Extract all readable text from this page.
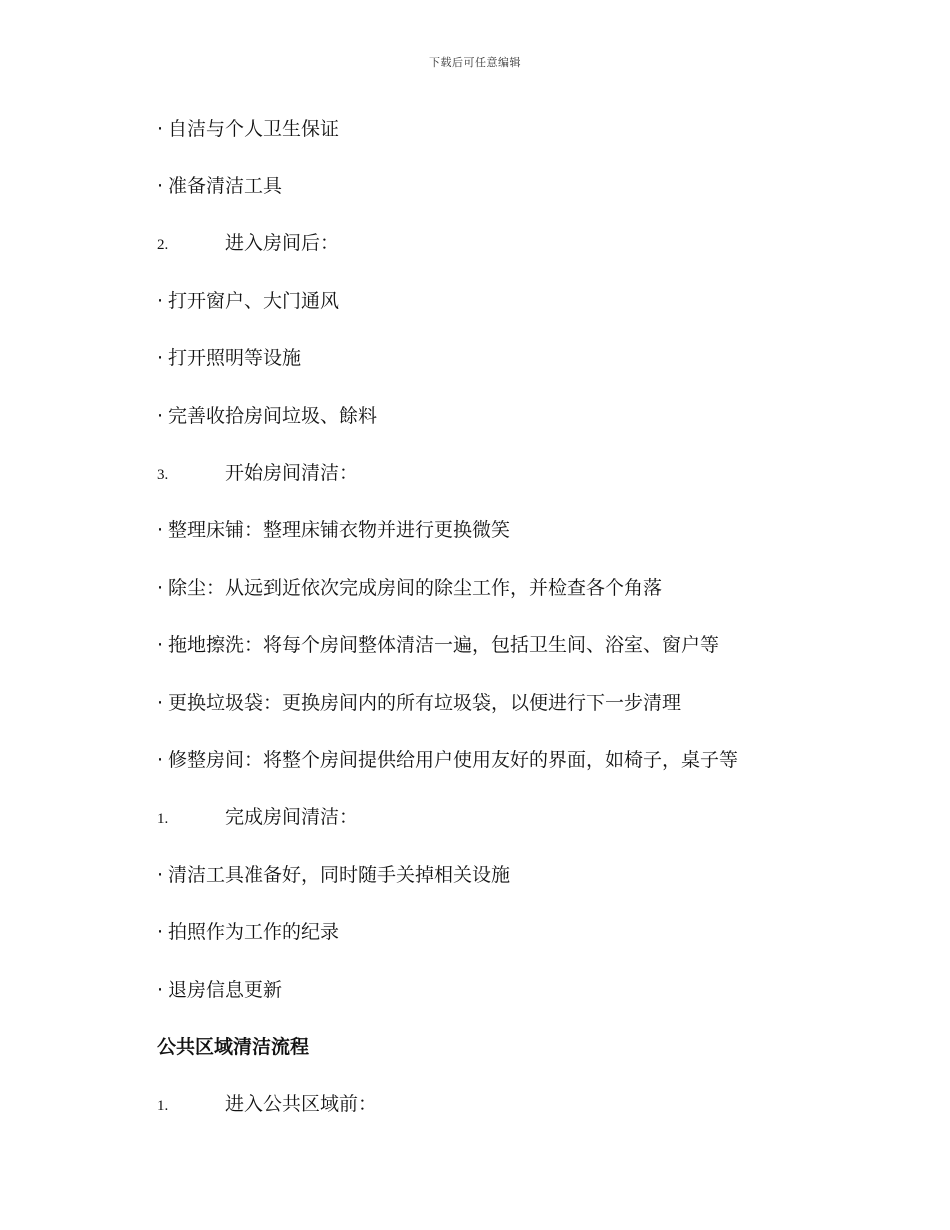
下载后可任意编辑
· 自洁与个人卫生保证
· 准备清洁工具
2.	进入房间后：
· 打开窗户、大门通风
· 打开照明等设施
· 完善收拾房间垃圾、餘料
3.	开始房间清洁：
· 整理床铺：整理床铺衣物并进行更换微笑
· 除尘：从远到近依次完成房间的除尘工作，并检查各个角落
· 拖地擦洗：将每个房间整体清洁一遍，包括卫生间、浴室、窗户等
· 更换垃圾袋：更换房间内的所有垃圾袋，以便进行下一步清理
· 修整房间：将整个房间提供给用户使用友好的界面，如椅子，桌子等
1.	完成房间清洁：
· 清洁工具准备好，同时随手关掉相关设施
· 拍照作为工作的纪录
· 退房信息更新
公共区域清洁流程
1.	进入公共区域前：
